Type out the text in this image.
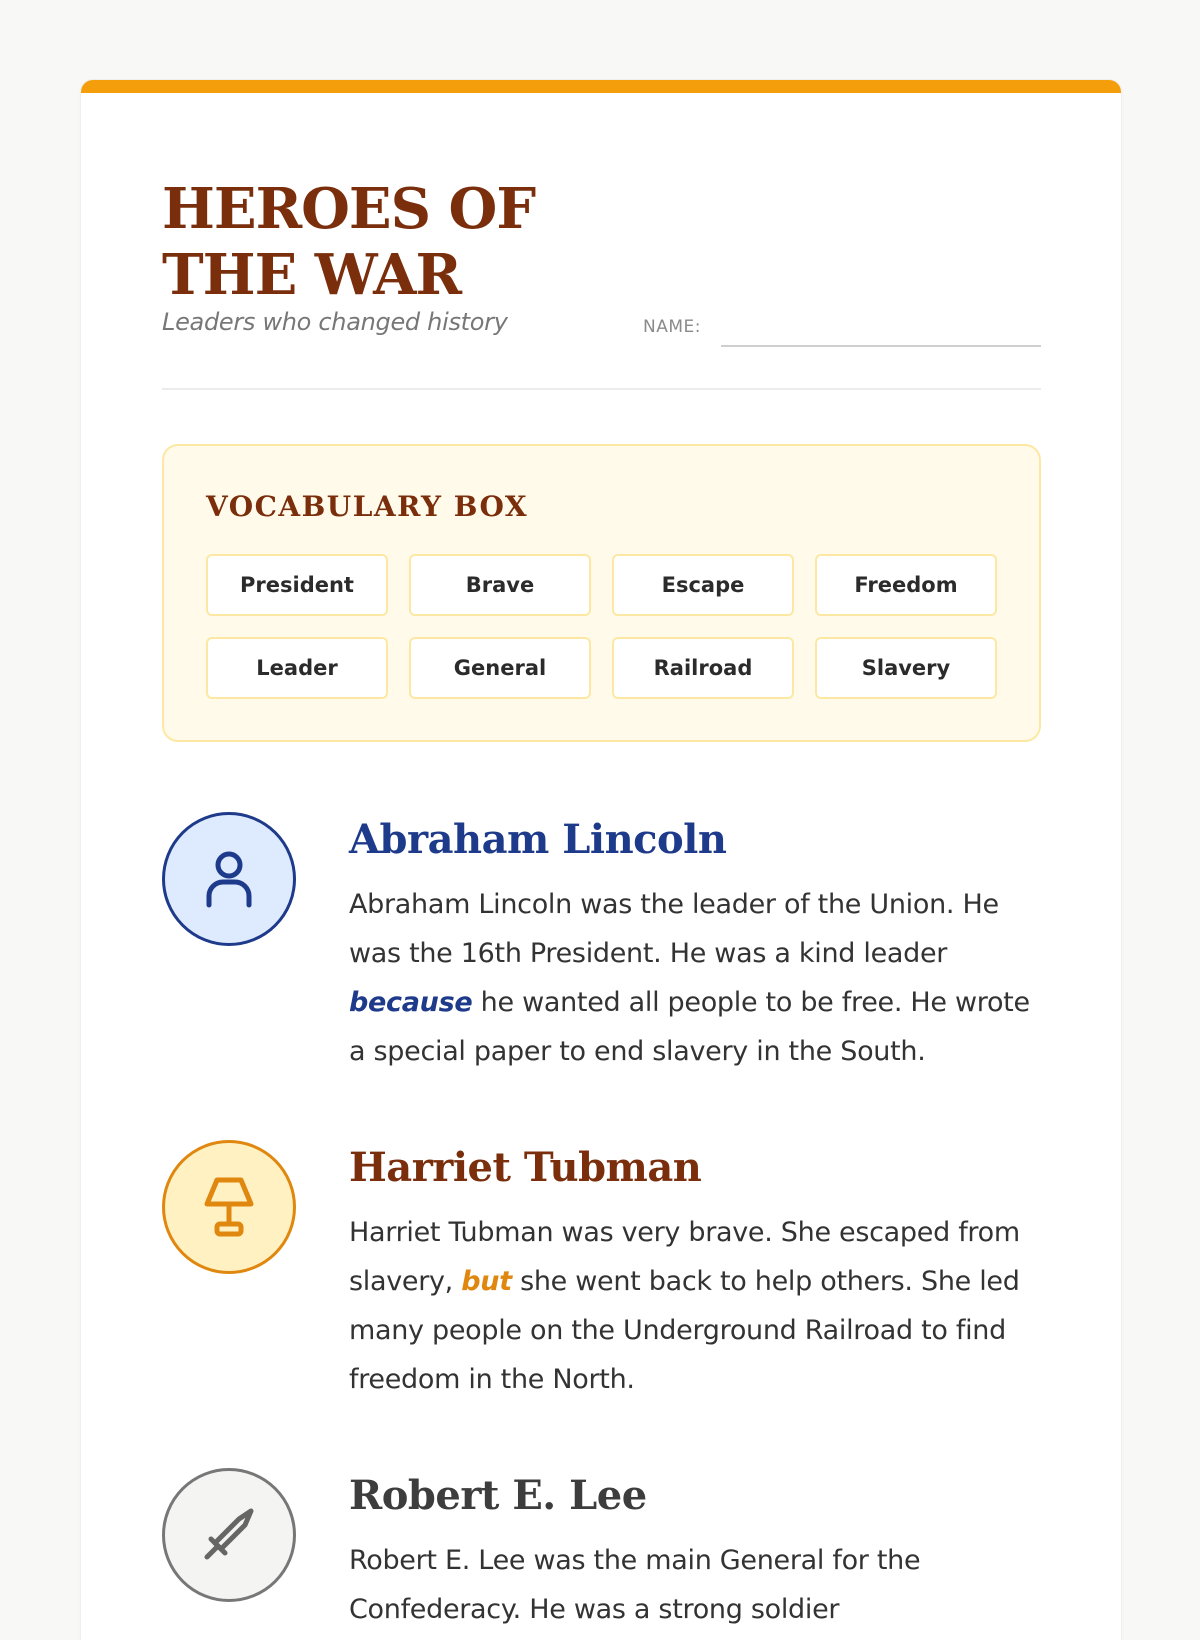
HEROES OF THE WAR
Leaders who changed history	NAME:
VOCABULARY BOX
President	Brave	Escape	Freedom
Leader	General	Railroad	Slavery
Abraham Lincoln

Abraham Lincoln was the leader of the Union. He was the 16th President. He was a kind leader because he wanted all people to be free. He wrote a special paper to end slavery in the South.

Harriet Tubman

Harriet Tubman was very brave. She escaped from slavery, but she went back to help others. She led many people on the Underground Railroad to find freedom in the North.

Robert E. Lee

Robert E. Lee was the main General for the Confederacy. He was a strong soldier
